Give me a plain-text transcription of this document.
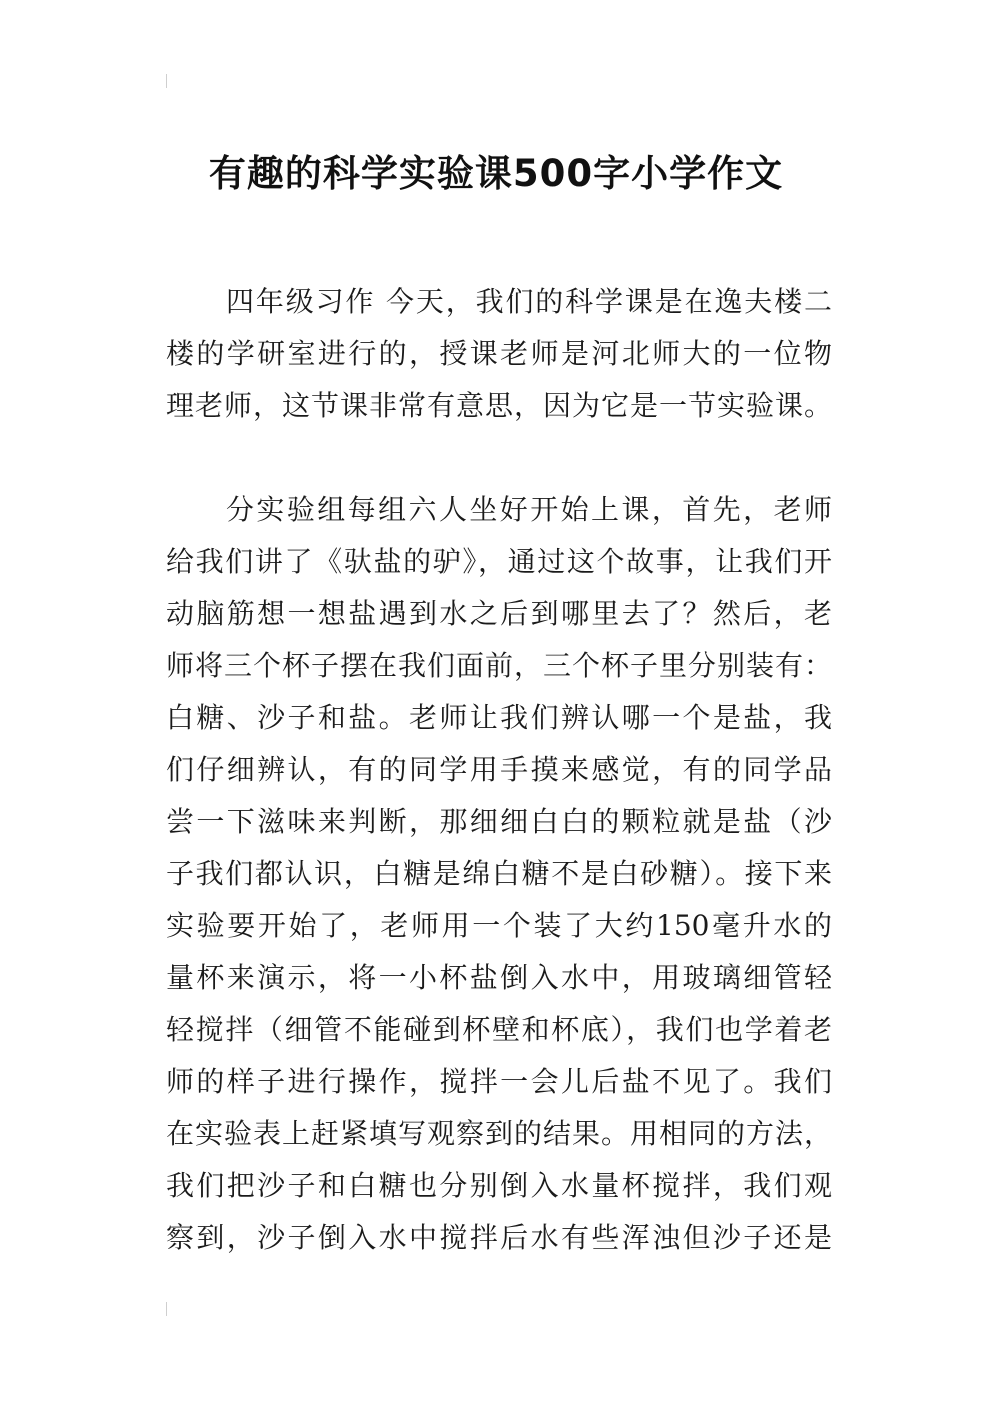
有趣的科学实验课500字小学作文
四年级习作 今天，我们的科学课是在逸夫楼二
楼的学研室进行的，授课老师是河北师大的一位物
理老师，这节课非常有意思，因为它是一节实验课。
分实验组每组六人坐好开始上课，首先，老师
给我们讲了《驮盐的驴》，通过这个故事，让我们开
动脑筋想一想盐遇到水之后到哪里去了？然后，老
师将三个杯子摆在我们面前，三个杯子里分别装有：
白糖、沙子和盐。老师让我们辨认哪一个是盐，我
们仔细辨认，有的同学用手摸来感觉，有的同学品
尝一下滋味来判断，那细细白白的颗粒就是盐（沙
子我们都认识，白糖是绵白糖不是白砂糖）。接下来
实验要开始了，老师用一个装了大约150毫升水的
量杯来演示，将一小杯盐倒入水中，用玻璃细管轻
轻搅拌（细管不能碰到杯壁和杯底），我们也学着老
师的样子进行操作，搅拌一会儿后盐不见了。我们
在实验表上赶紧填写观察到的结果。用相同的方法，
我们把沙子和白糖也分别倒入水量杯搅拌，我们观
察到，沙子倒入水中搅拌后水有些浑浊但沙子还是
